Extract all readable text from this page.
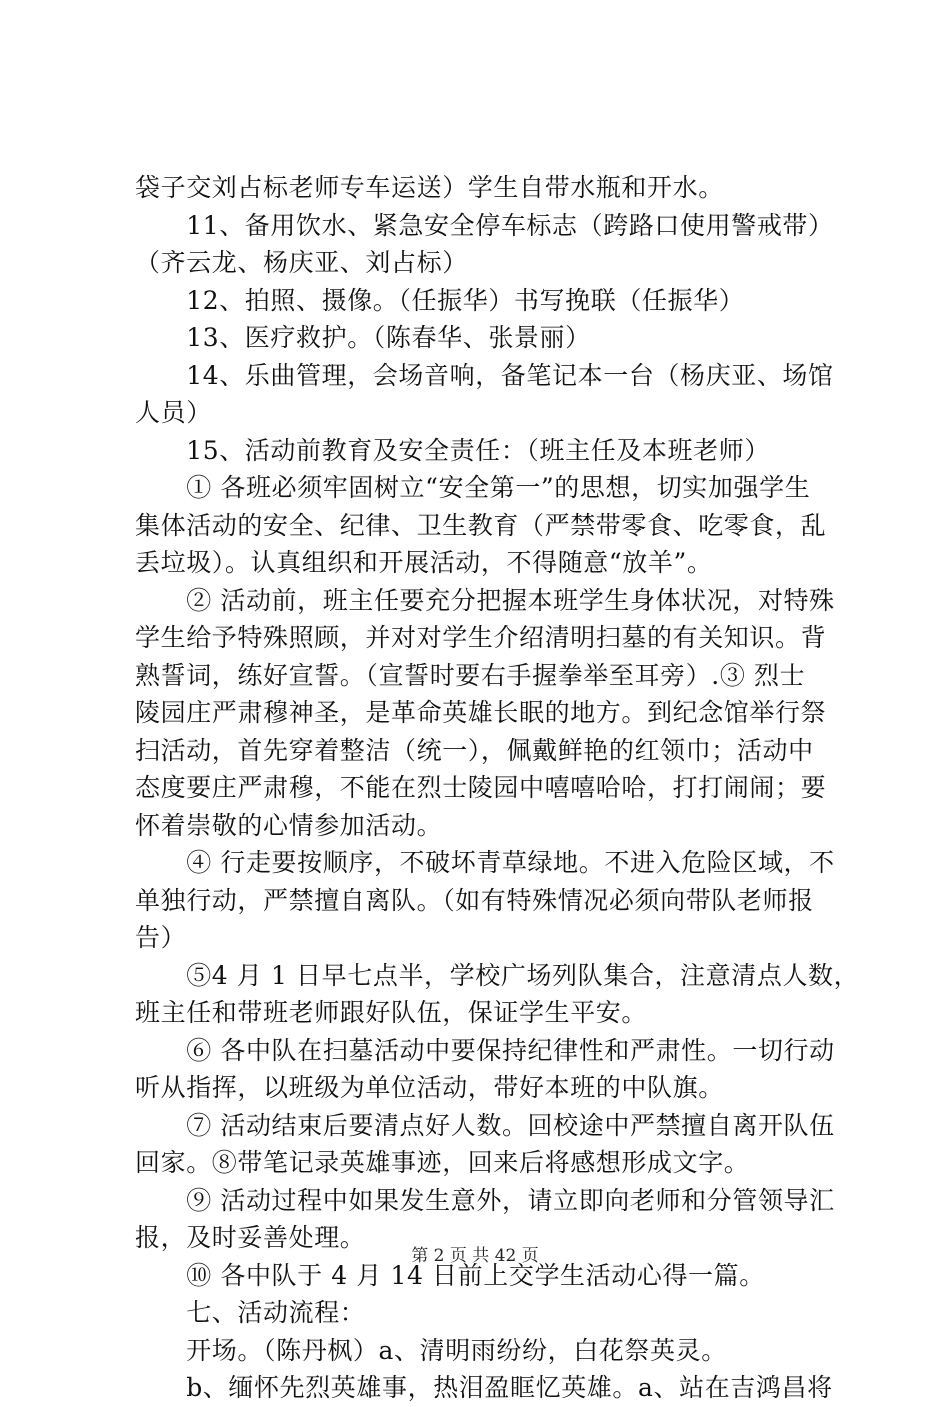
袋子交刘占标老师专车运送）学生自带水瓶和开水。
　　11、备用饮水、紧急安全停车标志（跨路口使用警戒带）
（齐云龙、杨庆亚、刘占标）
　　12、拍照、摄像。（任振华）书写挽联（任振华）
　　13、医疗救护。（陈春华、张景丽）
　　14、乐曲管理，会场音响，备笔记本一台（杨庆亚、场馆
人员）
　　15、活动前教育及安全责任：（班主任及本班老师）
　　① 各班必须牢固树立“安全第一”的思想，切实加强学生
集体活动的安全、纪律、卫生教育（严禁带零食、吃零食，乱
丢垃圾）。认真组织和开展活动，不得随意“放羊”。
　　② 活动前，班主任要充分把握本班学生身体状况，对特殊
学生给予特殊照顾，并对对学生介绍清明扫墓的有关知识。背
熟誓词，练好宣誓。（宣誓时要右手握拳举至耳旁）.③ 烈士
陵园庄严肃穆神圣，是革命英雄长眠的地方。到纪念馆举行祭
扫活动，首先穿着整洁（统一），佩戴鲜艳的红领巾；活动中
态度要庄严肃穆，不能在烈士陵园中嘻嘻哈哈，打打闹闹；要
怀着崇敬的心情参加活动。
　　④ 行走要按顺序，不破坏青草绿地。不进入危险区域，不
单独行动，严禁擅自离队。（如有特殊情况必须向带队老师报
告）
　　⑤4 月 1 日早七点半，学校广场列队集合，注意清点人数，
班主任和带班老师跟好队伍，保证学生平安。
　　⑥ 各中队在扫墓活动中要保持纪律性和严肃性。一切行动
听从指挥，以班级为单位活动，带好本班的中队旗。
　　⑦ 活动结束后要清点好人数。回校途中严禁擅自离开队伍
回家。⑧带笔记录英雄事迹，回来后将感想形成文字。
　　⑨ 活动过程中如果发生意外，请立即向老师和分管领导汇
报，及时妥善处理。
　　⑩ 各中队于 4 月 14 日前上交学生活动心得一篇。
　　七、活动流程：
　　开场。（陈丹枫）a、清明雨纷纷，白花祭英灵。
　　b、缅怀先烈英雄事，热泪盈眶忆英雄。a、站在吉鸿昌将
第 2 页 共 42 页
